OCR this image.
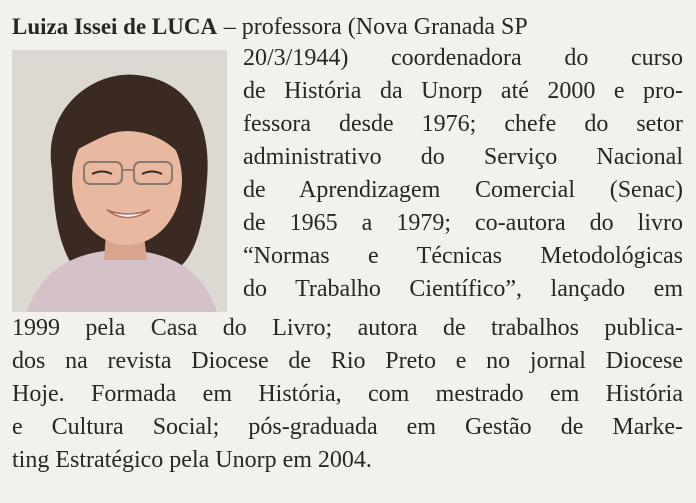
Luiza Issei de LUCA – professora (Nova Granada SP
20/3/1944) coordenadora do curso
de História da Unorp até 2000 e pro-
fessora desde 1976; chefe do setor
administrativo do Serviço Nacional
de Aprendizagem Comercial (Senac)
de 1965 a 1979; co-autora do livro
“Normas e Técnicas Metodológicas
do Trabalho Científico”, lançado em
1999 pela Casa do Livro; autora de trabalhos publica-
dos na revista Diocese de Rio Preto e no jornal Diocese
Hoje. Formada em História, com mestrado em História
e Cultura Social; pós-graduada em Gestão de Marke-
ting Estratégico pela Unorp em 2004.
